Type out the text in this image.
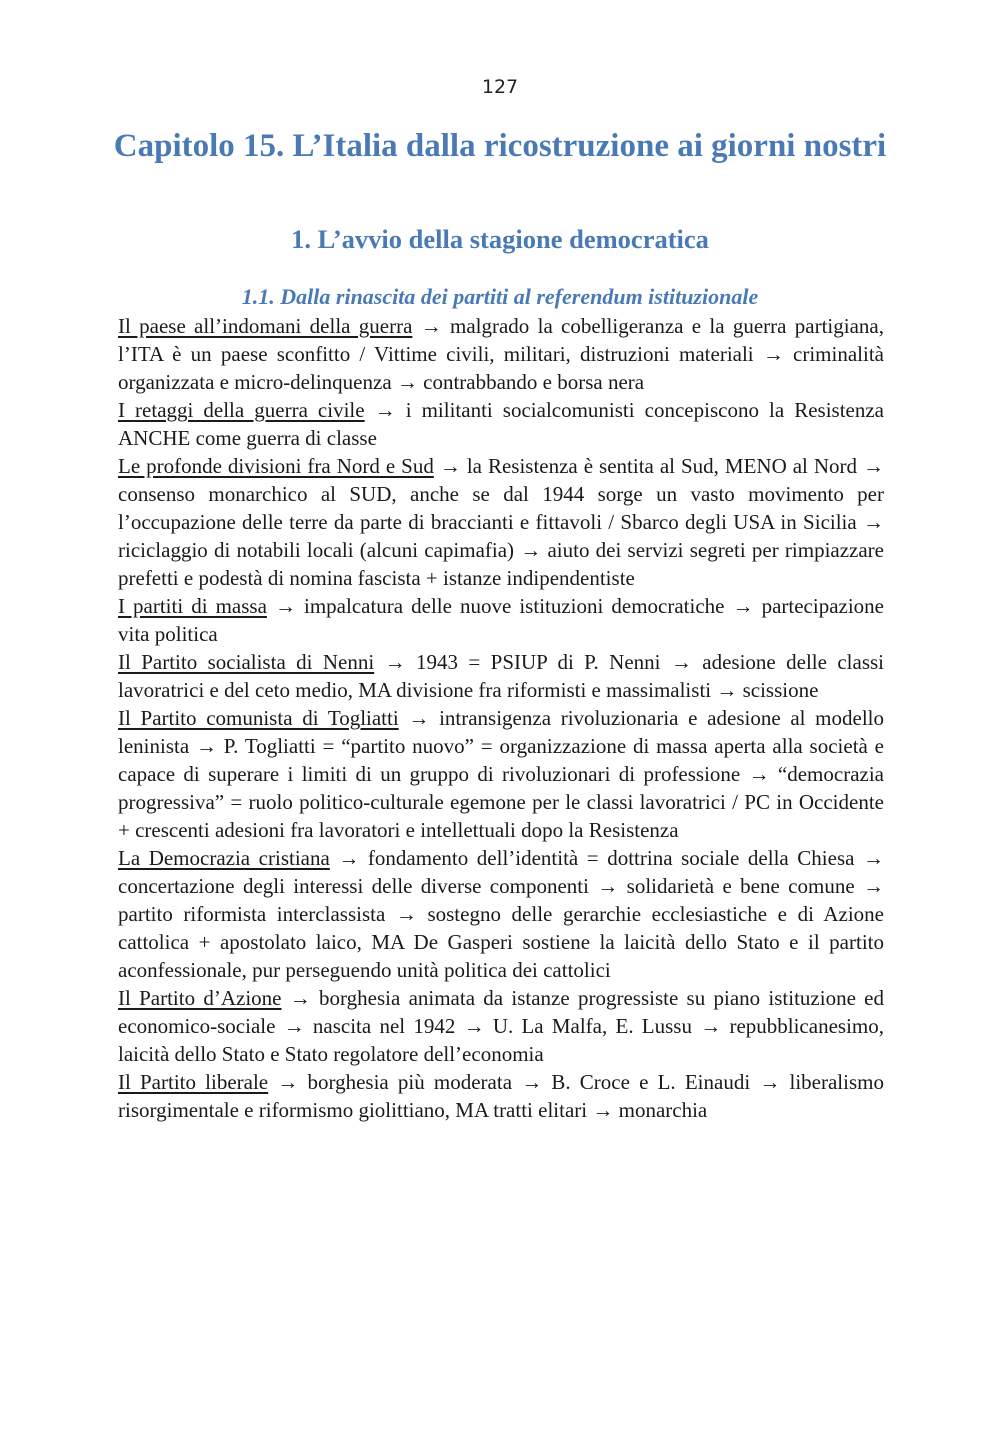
127
Capitolo 15. L’Italia dalla ricostruzione ai giorni nostri
1. L’avvio della stagione democratica
1.1. Dalla rinascita dei partiti al referendum istituzionale

Il paese all’indomani della guerra → malgrado la cobelligeranza e la guerra partigiana, l’ITA è un paese sconfitto / Vittime civili, militari, distruzioni materiali → criminalità organizzata e micro-delinquenza → contrabbando e borsa nera

I retaggi della guerra civile → i militanti socialcomunisti concepiscono la Resistenza ANCHE come guerra di classe

Le profonde divisioni fra Nord e Sud → la Resistenza è sentita al Sud, MENO al Nord → consenso monarchico al SUD, anche se dal 1944 sorge un vasto movimento per l’occupazione delle terre da parte di braccianti e fittavoli / Sbarco degli USA in Sicilia → riciclaggio di notabili locali (alcuni capimafia) → aiuto dei servizi segreti per rimpiazzare prefetti e podestà di nomina fascista + istanze indipendentiste

I partiti di massa → impalcatura delle nuove istituzioni democratiche → partecipazione vita politica

Il Partito socialista di Nenni → 1943 = PSIUP di P. Nenni → adesione delle classi lavoratrici e del ceto medio, MA divisione fra riformisti e massimalisti → scissione

Il Partito comunista di Togliatti → intransigenza rivoluzionaria e adesione al modello leninista → P. Togliatti = “partito nuovo” = organizzazione di massa aperta alla società e capace di superare i limiti di un gruppo di rivoluzionari di professione → “democrazia progressiva” = ruolo politico-culturale egemone per le classi lavoratrici / PC in Occidente + crescenti adesioni fra lavoratori e intellettuali dopo la Resistenza

La Democrazia cristiana → fondamento dell’identità = dottrina sociale della Chiesa → concertazione degli interessi delle diverse componenti → solidarietà e bene comune → partito riformista interclassista → sostegno delle gerarchie ecclesiastiche e di Azione cattolica + apostolato laico, MA De Gasperi sostiene la laicità dello Stato e il partito aconfessionale, pur perseguendo unità politica dei cattolici

Il Partito d’Azione → borghesia animata da istanze progressiste su piano istituzione ed economico-sociale → nascita nel 1942 → U. La Malfa, E. Lussu → repubblicanesimo, laicità dello Stato e Stato regolatore dell’economia

Il Partito liberale → borghesia più moderata → B. Croce e L. Einaudi → liberalismo risorgimentale e riformismo giolittiano, MA tratti elitari → monarchia
